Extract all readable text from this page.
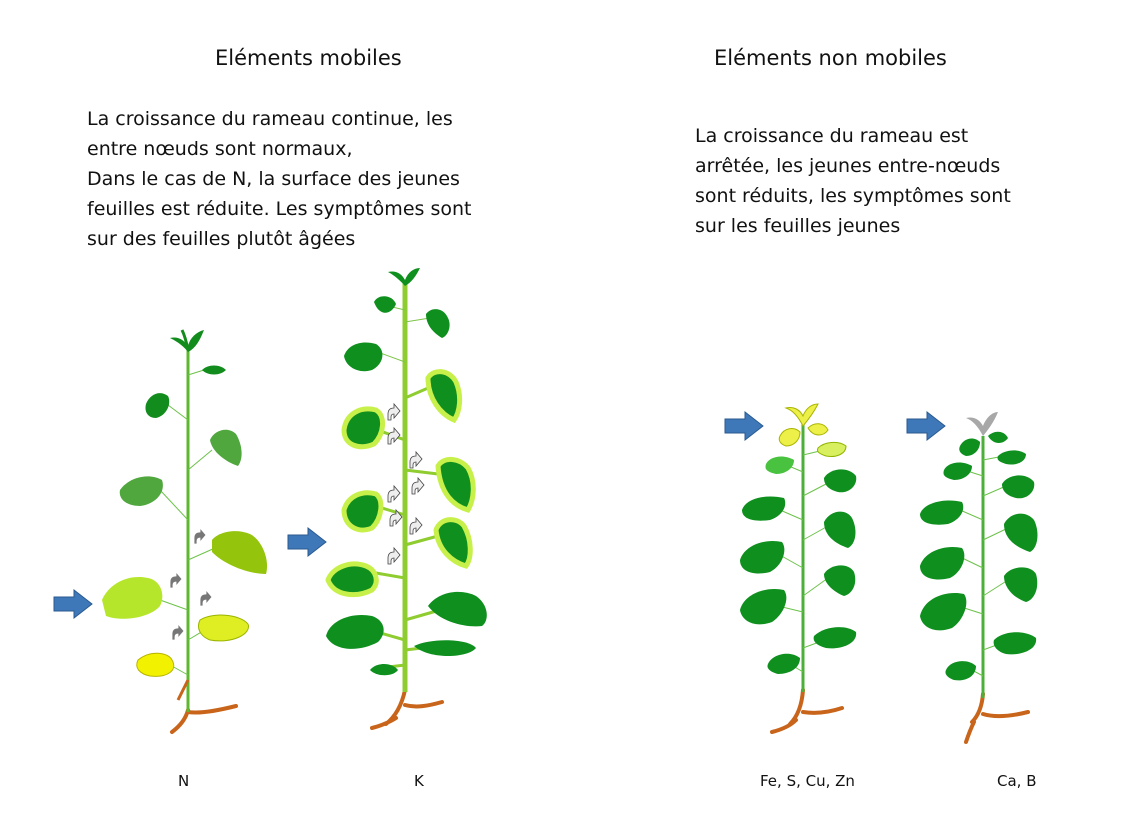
Eléments mobiles	Eléments non mobiles
La croissance du rameau continue, les
entre nœuds sont normaux,
Dans le cas de N, la surface des jeunes
feuilles est réduite. Les symptômes sont
sur des feuilles plutôt âgées
La croissance du rameau est
arrêtée, les jeunes entre-nœuds
sont réduits, les symptômes sont
sur les feuilles jeunes
N	K	Fe, S, Cu, Zn	Ca, B
